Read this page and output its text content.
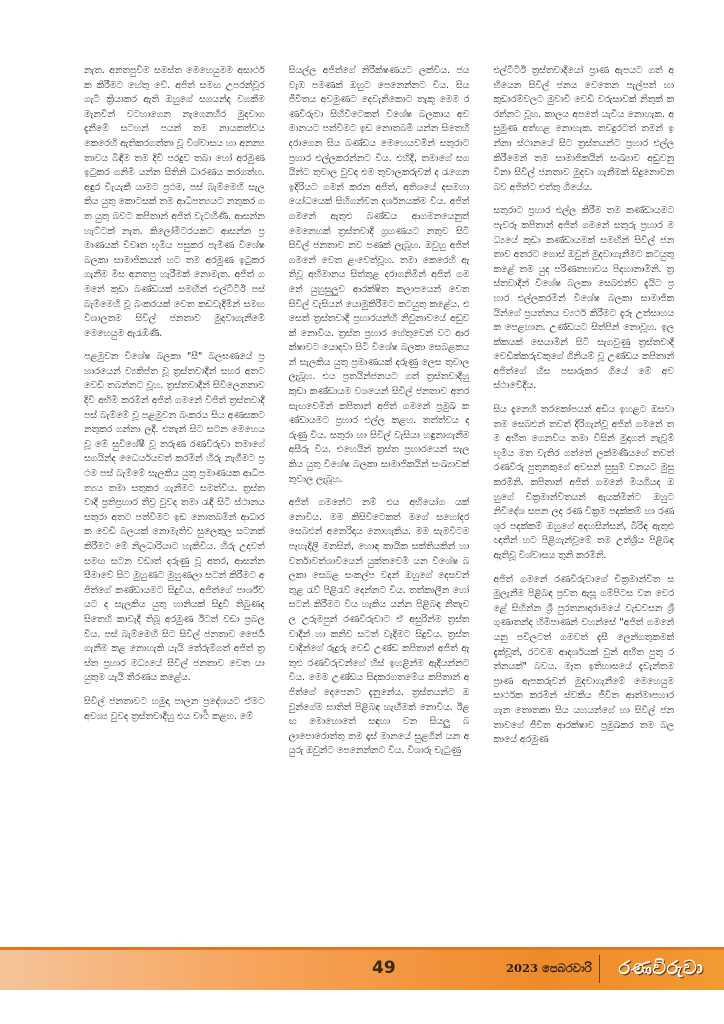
නැත. අනතපුවීම සමස්ත මෙහෙයුමම අසාර්ථක කිරීමට හේතු වේ. අජිත් සමඟ උපරන්වූර ගැටී ක්‍රියාකර ඇති ඔහුගේ සගයන්ද වගකීම මැනවින් වටහාගෙන නැගෙනහිර මුදවාග දැනීමේ සටහන් පයන් තම නායකත්වය කෙරෙහි ඇතිකරගත්තා වූ විශ්වාසය හා අනන්‍යතාවය බිඳීම තම දිවි පරදුව තබා හෝ අරමුණ ඉටුකර ගනිමි යන්න සිතිනි ධාරණය කරගත්හ. අඳුර විැයැකී යාමට ප්‍රථම, පස් බැම්මෙහි සැලකිය යුතු කොටසක් තම ආධිපත්‍යයට නතුකර ගත යුතු බවට කපිතාන් අජිත් වැටහිණි. ආසන්න හැට්ටක් නැත. කිලෝමීටරයකට ආසන්න ප්‍රමාණයක් විවෘත භූමිය පසුකර පැමිණ විශේෂ බලකා සාමාජිකයන් හට තම අරමුණ ඉටුකර ගැනීම මිස අනතපු හැරීමක් නොමැත. අජිත් ගමනේ කුඩා බණ්ඩයක් සමඟින් එල්ටීටීඊ පස් බැම්මෙහි වූ බංකරයක් වෙත කඩවැදිමින් සමඟ විශාලතම සිවිල් ජනතාව මුදවාගැනීමේ මෙහෙයුම ඇරැඹිණි.

පළමුවන විශේෂ බලකා "සී" බලඝණයේ ප්‍රහාරයෙන් ව්‍යකිප්ත වූ ත්‍රස්තවාදීන් සහර අතට වෙඩි තබන්නට වූහ. ත්‍රස්තවාදීන් සිවිලෙනතාව දිවි අභිමි කරමින් අජිත් ගමනේ විජිත් ත්‍රස්තවාදී පස් බැම්මේ වූ පළමුවන බංකරය සිය අණසකට නතුකර ගන්නා ලදී. එතැන් සිට සටන මෙහෙයවූ මේ සුවිශේෂී වූ තරුණ රණවිරුවා තමාගේ සගයින්ද ධෛර්යයවත් කරමින් හිරු නැගීමට ප්‍රථම පස් බැම්මේ සැලකිය යුතු ප්‍රමාණයක ආධිපත්‍යය තමා සතුකර ගැනීමට සමත්විය. ත්‍රස්තවාදී ප්‍රතිප්‍රහාර තීව්‍ර වුවද තමා රැඳී සිටි ස්ථානය සතුරා අතට පත්වීමට ඉඩ නොතබමින් ආධාරක වෙඩි බලයක් නොමැතිව සුලෙකුල සටනක් කිරීමට මේ නිලධාරියාට හැකිවිය. හිරු උදාවත් සමඟ සටන වඩාත් දරුණු වූ අතර, ආසන්න සීමාවේ සිට මුහුණට මුහුණලා සටන් කිරීමට අජිත්ගේ කණ්ඩායමට සිදුවිය. අජිත්ගේ පාර්ශ්වයට ද සැලකිය යුතු හානියක් සිදුවී තිබුණද සිතෙහි කාවැදී තිබූ අරමුණ ඊටත් වඩා ප්‍රබල විය. පස් බැම්මෙහි සිට සිවිල් ජනතාව ජෛර්‍ය ගැනීම කළ නොහැකි යැයි තේරුම්ගත් අජිත් ත්‍රස්ත ප්‍රහාර මධ්‍යයේ සිවිල් ජනතාව වෙත යා යුතුම යැයි තීරණය කළේය.

සිවිල් ජනතාවට හමුදා පාලන ප්‍රදේශයට ඒමට අවශ්‍ය වුවද ත්‍රස්තවාදීහු එය වාර්‍ථ කළහ. මේ

සියල්ල අජිත්ගේ නිරීක්ෂණයට ලක්විය. ජයවැඹ පමණක් ඔහුට පෙනෙන්නට විය. සිය ජීවිතය අවමුණට දෙවැනිකොට තැකූ මෙම රණවිරුවා සිහිවිටෙකත් විශේෂ බලකාය අවමානයට පත්වීමට ඉඩ නොතබමි යන්න සිතෙහි දරාගෙන සිය බණ්ඩය මෙහෙයවමින් සතුරාට ප්‍රහාර එල්ලකරන්නට විය. එහිදී, තමාගේ සගයින්ට තුවාල වුවද එම තුවාලකරුවන් ද රැගෙන ඉදිරියට ගමන් කරන අජිත්, අතිශයේ දසමහා යෝධයෙක් සිහිගන්වන දර්ශනයක්ම විය. අජිත් ගමනේ ඇතුළු බණ්ඩය ආගමනයෙනුත් මෙනෙහක් ත්‍රස්තවාදී ග්‍රහණයට නතුව සිටි සිවිල් ජනතාව නව පණක් ලැබූහ. ඔවුහු අජිත් ගමනේ වෙත ළංවෙත්වූහ. තමා කෙරෙහි ඇතිවූ අභිමානය සිත්තුළ දරාගනිමින් අජිත් ගමනේ යුහුසුලුව ආරක්ෂිත කලාපයෙන් වෙත සිවිල් වැසියන් යොමුකිරීමට කටයුතු කළේය. එසෙත් ත්‍රස්තවාදී ප්‍රහාරයන්හි නිවුනාවයේ අඩුවක් නොවිය. ත්‍රස්ත ප්‍රහාර හේතුවෙන් වට ආරක්ෂාවට යොදවා සිටි විශේෂ බලකා සෙබළකයන් සැලකිය යුතු ප්‍රමාණයක් දරුණු ලෙස තුවාල ලැබූහ. එය ප්‍රතයින්ජනයට ගත් ත්‍රස්තවාදීහු කුඩා කණ්ඩායම වශයෙන් සිවිල් ජනතාව අතර සැඟවෙමින් කපිතාන් අජිත් ගමනේ ප්‍රමුඛ කණ්ඩායමට ප්‍රහාර එල්ල කළහ. තත්ත්වය දරුණු විය. සතුරා හා සිවිල් වැසියා හඳුනාගැනීම අසීරු විය. එහෙයින් ත්‍රස්ත ප්‍රහාරයෙන් සැලකිය යුතු විශේෂ බලකා සාමාජිකයින් සංඛ්‍යාවක් තුවාල ලැබූහ.

අජිත් ගමනේට නම් එය අභියෝග යක් නොවිය. මම කිසිවිටෙකත් මගේ සහෝදර සෙබළුන් අතෙරිදාය නොහැකිය. මම සැමවිටම පෑහැදිලි මනසින්, හොඳ කායික සක්තියකින් හා වර්තාවත්ශාවියෙන් යුක්තවෙමි යන විශේෂ බලකා සෙබළ සංකල්ප වදන් ඔහුගේ දෙසවන් තුළ රැව් පිළිරැව් දෙන්නට විය. තත්කාලීන හෝ සටන් කිරීමට විය හැකිය යන්න පිළිබඳ නිතැවල උරුමපුන් රණවිරුවාට ඒ අසුරින්ම ත්‍රස්තවාදීන් හා කනිව සටත් වැදිමට සිදුවිය. ත්‍රස්තවාදීන්ගේ රුදුරු වෙඩි උණ්ඩ කපිතාන් අජිත් ඇතුළු රණවිරුවන්ගේ හිස් ඉහළින්ම ඇදීයන්නට විය. මෙම උණ්ඩය සිදකරගතමේය කපිතාන් අජිත්ගේ දෙපෙනට දැනුනේය. ත්‍රස්තයන්ට ඔවුන්ගේම ඝාතිත් පිළිබඳ හැඟීමක් නොවිය. ඊළඟ මොහොතේ සඳහා වන සියලු බලාපොරොත්තු තම දෑස් මානයේ සුළගින් යන අයුරු ඔවුන්ට පෙනෙන්නට විය. විශාරු චැටුණු

එල්ටීටීඊ ත්‍රස්තවාදීයෝ ප්‍රාණ ඇපයට ගත් අභියෙන සිවිල් ජනය වෙතෙන පැල්පත් හා කුඩාරම්වලට මුවාවී වෙඩි වරුසාවක් නිතුක් කරන්නට වූහ. කාලය අපතේ යැවිය නොහැක. අසුමුණ අත්හළ නොහැක. තවදුරටත් තමන් ඉන්නා ස්ථානයේ සිට ත්‍රස්තයන්ට ප්‍රහාර එල්ල කිරීමෙන් තම සාමාජිකයින් සංඛ්‍යාව අඩුවනු විනා සිවිල් ජනතාව මුදවා ගැනීමක් සිදුනොවන බව අජිත්ට එත්තු ගියේය.

සතුරාට ප්‍රහාර එල්ල කිරීම තම කණ්ඩායමට පැවරූ කපිතාන් අජිත් ගමනේ සතුරු ප්‍රහාර මධ්‍යයේ කුඩා කණ්ඩායමක් සමඟින් සිවිල් ජනතාව අතරට ගොස් ඔවුන් මුදවාගැනීමට කටයුතු කළේ තම යුද පරිණතභාවය පිදහානාමිනි. ත්‍රස්තවාදීන් විශේෂ බලකා සෙබළුන්ව දැයිට ප්‍රහාර එල්ලකරමින් විශේෂ බලකා සාමාජිකයින්ගේ ප්‍රයත්නය ව්‍යර්ථ කිරීමට දැරූ උත්සාහයක පෙළහාන. උණ්ඩයට සිත්පින් නොවූහ. ඉලක්කයක් සෙයාමින් සිටි සැගවුණු ත්‍රස්තවාදී වෙඩික්කරුවකුගේ ගිනියම් වූ උණ්ඩය කපිතාන් අජිත්ගේ හිස පසාරුකර ගියේ මේ අවස්ථාවේදීය.

සිය දැනෙහි තරකෝපයන් අඩිය ඉහළට ඔසවා තම සෙබළුන් තවත් දිරිගැන්වූ අජිත් ගමනේ තම අභීත ගෙනවිය තමා විසින් මුදාගත් නැවූම් භූමිය මත වැතිර ගත්තේ ලක්මණීයගේ තවත් රණවිරු පුතුනකුගේ අවසන් සුසුම් වනයට මුසු කරමිනි. කපිතාන් අජිත් ගමනේ මියගියද ඔහුගේ චික්‍රමාන්විතයන් ඇයක්මින්ට ඔහුට නිවිදේශ සපන ලද රණ වික්‍රම පදක්කම් හා රණ ශූර පදක්කම් ඔහුගේ අදහසින්සන්, බිරිඳ ඇතුළු ඥාතීන් හට පිළිගැන්වූමේ තම උත්ශ්‍රිය පිළිබඳ ඇතිවූ විශ්වාසය තුනි කරමිනි.

අජිත් ගමනේ රණවිරුවාගේ චික්‍රමාන්විත සමුලැනීම පිළිබඳ ප්‍රවත ඇසූ ගම්පිටස වන වෙරළේ සිහින්න ශ්‍රී පුරතනාදාරාමයේ වැඩවසන ශ්‍රී ගුණාතන්ද හිමිපාණන් වහන්සේ "අජිත් ගමනේ යනු පවිලටත් ගමවත් දැසී ලෙන්ගතුකමක් දැක්වූත්, රටවම ආදර්ශයක් වුන් අභීත පුතු රත්නයක්" බවය. මෑත ඉතිහාසයේ දැවැන්තම ප්‍රාණ ඇපකරුවන් මුදවාගැනීමේ මෙහෙයුම සාර්ථක කරමින් ස්වකීය ජීවිත ආත්මාපහාර ගැන තොතකා සිය යහයන්ගේ හා සිවිල් ජනතාවගේ ජීවිත ආරක්ෂාව ප්‍රමුඛකර තම බලකායේ අරමුණ

49	2023 පෙබරවාරි රණවිරුවා
